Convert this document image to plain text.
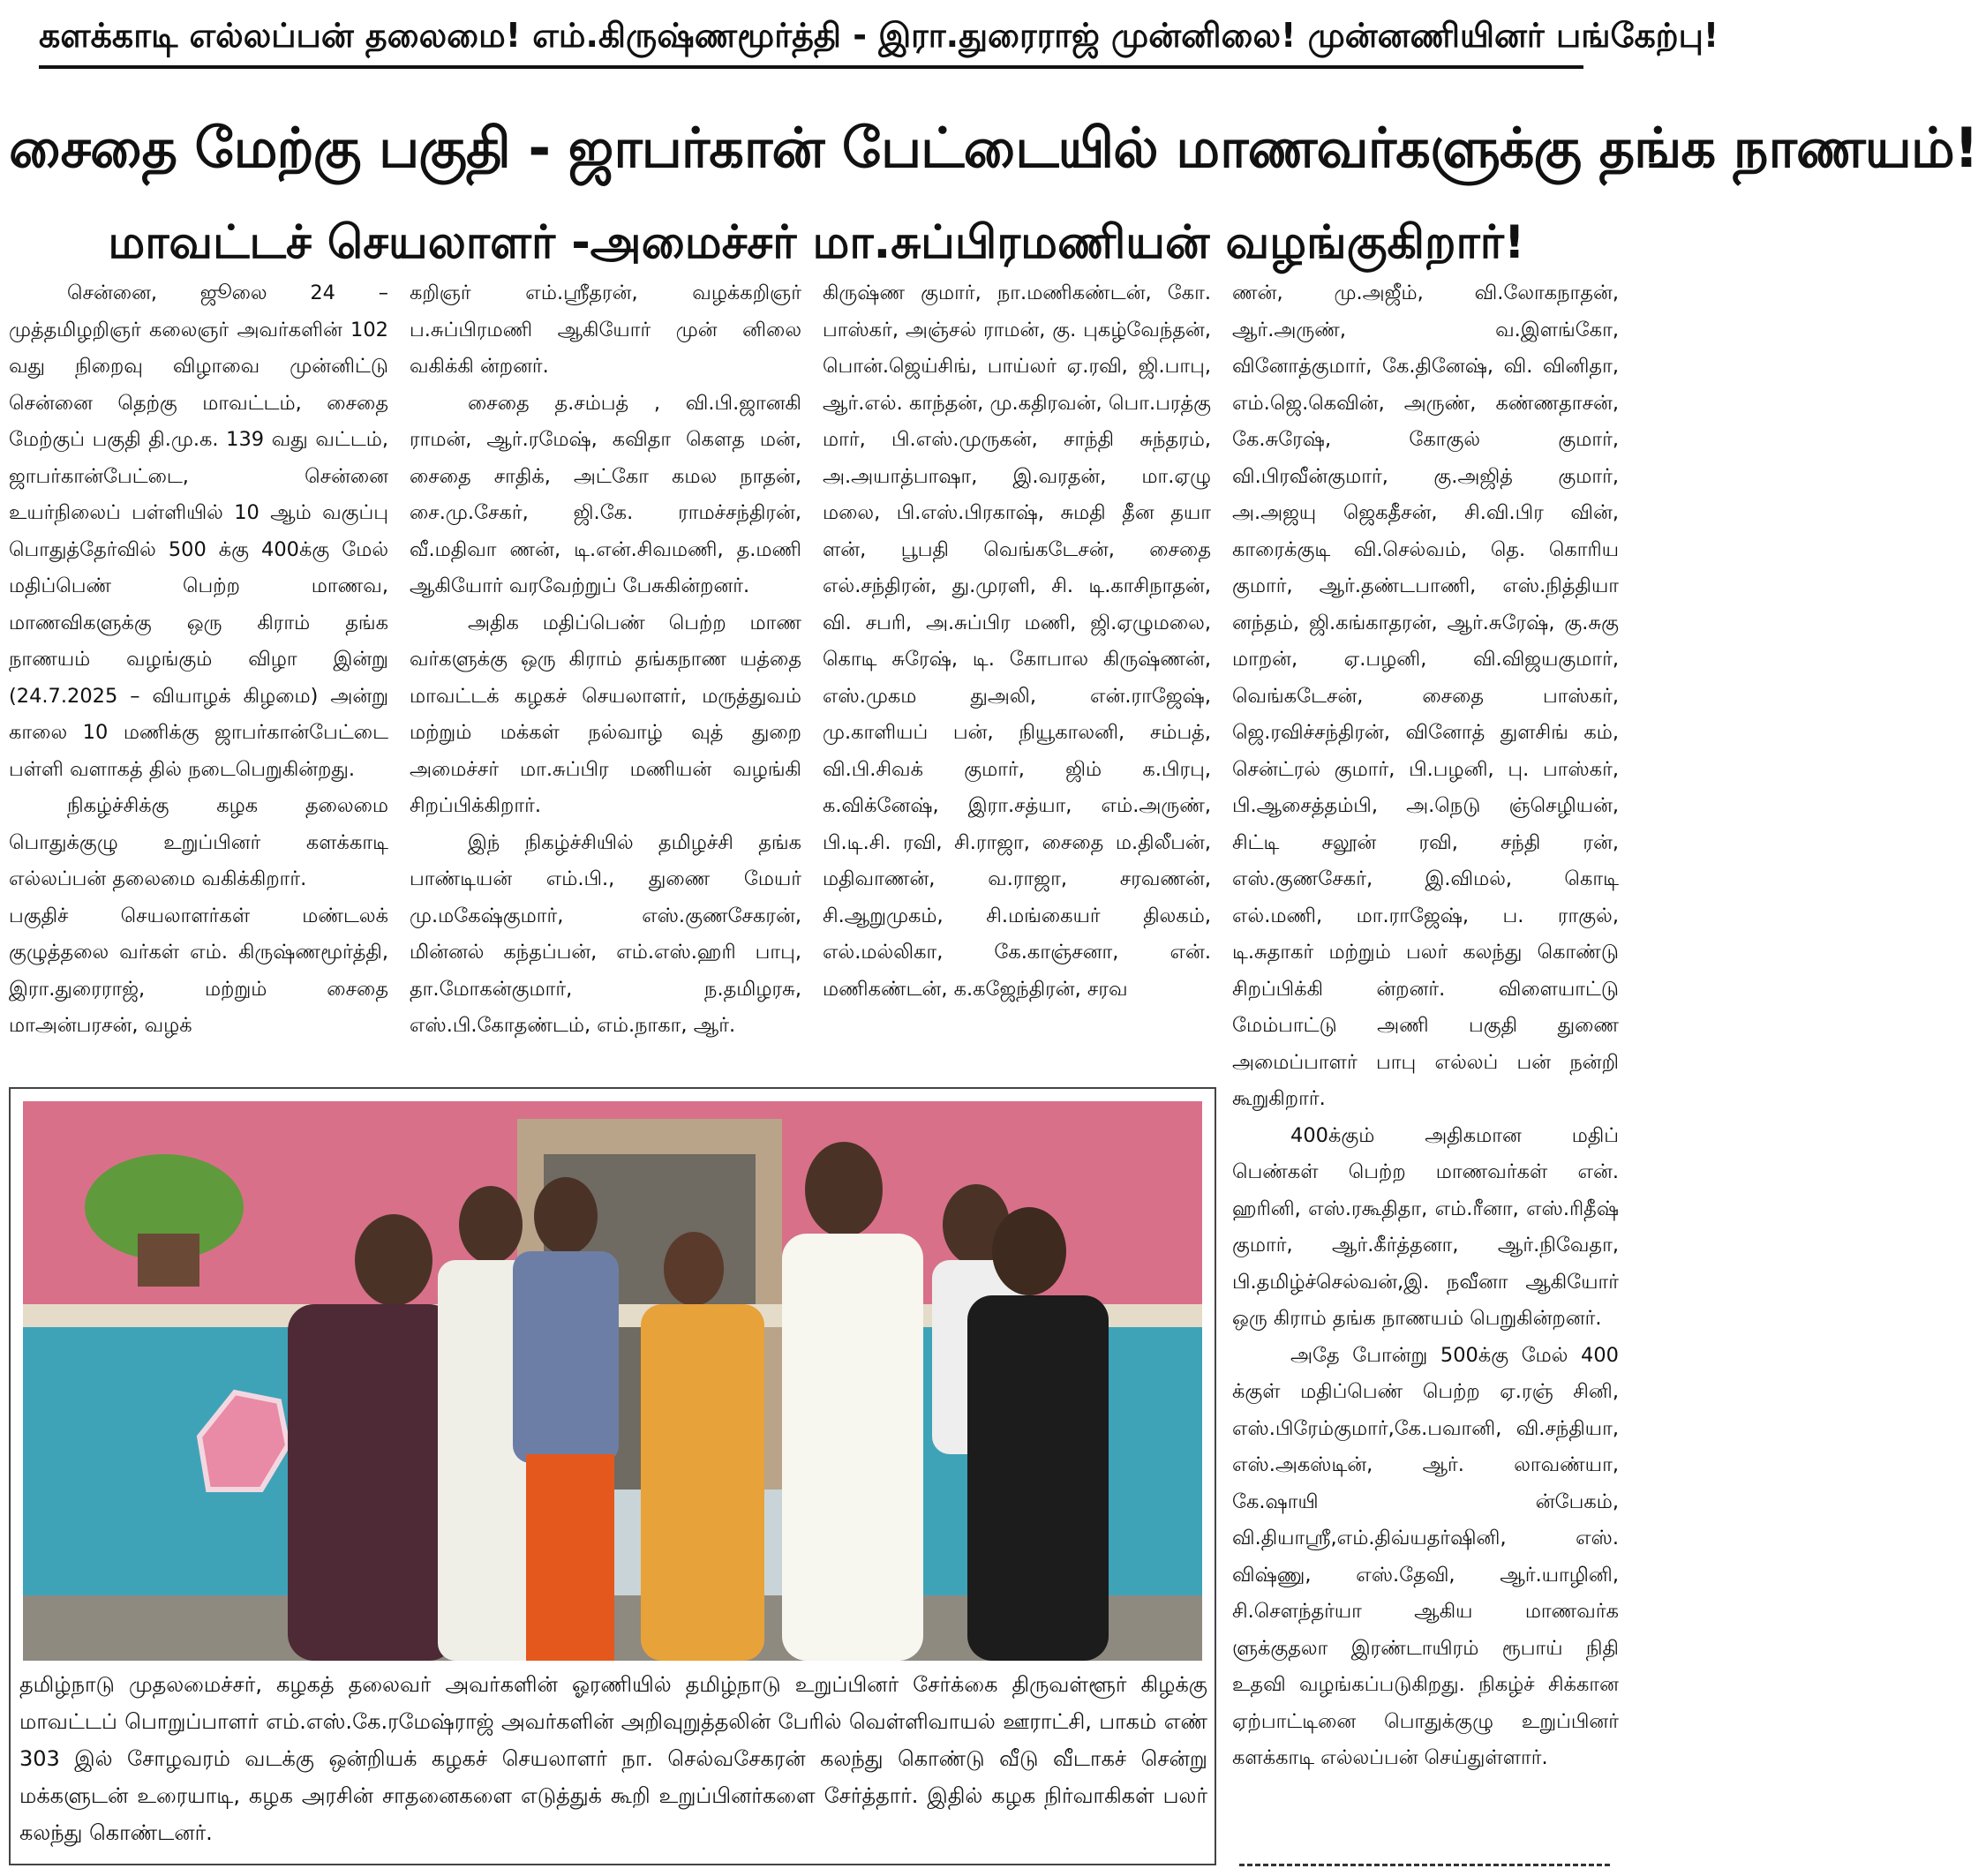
களக்காடி எல்லப்பன் தலைமை! எம்.கிருஷ்ணமூர்த்தி - இரா.துரைராஜ் முன்னிலை! முன்னணியினர் பங்கேற்பு!
சைதை மேற்கு பகுதி - ஜாபர்கான் பேட்டையில் மாணவர்களுக்கு தங்க நாணயம்!
மாவட்டச் செயலாளர் -அமைச்சர் மா.சுப்பிரமணியன் வழங்குகிறார்!

சென்னை, ஜூலை 24 – முத்தமிழறிஞர் கலைஞர் அவர்களின் 102 வது நிறைவு விழாவை முன்னிட்டு சென்னை தெற்கு மாவட்டம், சைதை மேற்குப் பகுதி தி.மு.க. 139 வது வட்டம், ஜாபர்கான்பேட்டை, சென்னை உயர்நிலைப் பள்ளியில் 10 ஆம் வகுப்பு பொதுத்தேர்வில் 500 க்கு 400க்கு மேல் மதிப்பெண் பெற்ற மாணவ, மாணவிகளுக்கு ஒரு கிராம் தங்க நாணயம் வழங்கும் விழா இன்று (24.7.2025 – வியாழக் கிழமை) அன்று காலை 10 மணிக்கு ஜாபர்கான்பேட்டை பள்ளி வளாகத் தில் நடைபெறுகின்றது.

நிகழ்ச்சிக்கு கழக தலைமை பொதுக்குழு உறுப்பினர் களக்காடி எல்லப்பன் தலைமை வகிக்கிறார்.

பகுதிச் செயலாளர்கள் மண்டலக் குழுத்தலை வர்கள் எம். கிருஷ்ணமூர்த்தி, இரா.துரைராஜ், மற்றும் சைதை மாஅன்பரசன், வழக்

கறிஞர் எம்.ஸ்ரீதரன், வழக்கறிஞர் ப.சுப்பிரமணி ஆகியோர் முன் னிலை வகிக்கி ன்றனர்.

சைதை த.சம்பத் , வி.பி.ஜானகி ராமன், ஆர்.ரமேஷ், கவிதா கௌத மன், சைதை சாதிக், அட்கோ கமல நாதன், சை.மு.சேகர், ஜி.கே. ராமச்சந்திரன், வீ.மதிவா ணன், டி.என்.சிவமணி, த.மணி ஆகியோர் வரவேற்றுப் பேசுகின்றனர்.

அதிக மதிப்பெண் பெற்ற மாண வர்களுக்கு ஒரு கிராம் தங்கநாண யத்தை மாவட்டக் கழகச் செயலாளர், மருத்துவம் மற்றும் மக்கள் நல்வாழ் வுத் துறை அமைச்சர் மா.சுப்பிர மணியன் வழங்கி சிறப்பிக்கிறார்.

இந் நிகழ்ச்சியில் தமிழச்சி தங்க பாண்டியன் எம்.பி., துணை மேயர் மு.மகேஷ்குமார், எஸ்.குணசேகரன், மின்னல் கந்தப்பன், எம்.எஸ்.ஹரி பாபு, தா.மோகன்குமார், ந.தமிழரசு, எஸ்.பி.கோதண்டம், எம்.நாகா, ஆர்.

கிருஷ்ண குமார், நா.மணிகண்டன், கோ. பாஸ்கர், அஞ்சல் ராமன், கு. புகழ்வேந்தன், பொன்.ஜெய்சிங், பாய்லர் ஏ.ரவி, ஜி.பாபு, ஆர்.எல். காந்தன், மு.கதிரவன், பொ.பரத்கு மார், பி.எஸ்.முருகன், சாந்தி சுந்தரம், அ.அயாத்பாஷா, இ.வரதன், மா.ஏழு மலை, பி.எஸ்.பிரகாஷ், சுமதி தீன தயா ளன், பூபதி வெங்கடேசன், சைதை எல்.சந்திரன், து.முரளி, சி. டி.காசிநாதன், வி. சபரி, அ.சுப்பிர மணி, ஜி.ஏழுமலை, கொடி சுரேஷ், டி. கோபால கிருஷ்ணன், எஸ்.முகம துஅலி, என்.ராஜேஷ், மு.காளியப் பன், நியூகாலனி, சம்பத், வி.பி.சிவக் குமார், ஜிம் க.பிரபு, க.விக்னேஷ், இரா.சத்யா, எம்.அருண், பி.டி.சி. ரவி, சி.ராஜா, சைதை ம.திலீபன், மதிவாணன், வ.ராஜா, சரவணன், சி.ஆறுமுகம், சி.மங்கையர் திலகம், எல்.மல்லிகா, கே.காஞ்சனா, என். மணிகண்டன், க.கஜேந்திரன், சரவ

ணன், மு.அஜீம், வி.லோகநாதன், ஆர்.அருண், வ.இளங்கோ, வினோத்குமார், கே.தினேஷ், வி. வினிதா, எம்.ஜெ.கெவின், அருண், கண்ணதாசன், கே.சுரேஷ், கோகுல் குமார், வி.பிரவீன்குமார், கு.அஜித் குமார், அ.அஜயு ஜெகதீசன், சி.வி.பிர வின், காரைக்குடி வி.செல்வம், தெ. கொரிய குமார், ஆர்.தண்டபாணி, எஸ்.நித்தியா னந்தம், ஜி.கங்காதரன், ஆர்.சுரேஷ், கு.சுகு மாறன், ஏ.பழனி, வி.விஜயகுமார், வெங்கடேசன், சைதை பாஸ்கர், ஜெ.ரவிச்சந்திரன், வினோத் துளசிங் கம், சென்ட்ரல் குமார், பி.பழனி, பு. பாஸ்கர், பி.ஆசைத்தம்பி, அ.நெடு ஞ்செழியன், சிட்டி சலூன் ரவி, சந்தி ரன், எஸ்.குணசேகர், இ.விமல், கொடி எல்.மணி, மா.ராஜேஷ், ப. ராகுல், டி.சுதாகர் மற்றும் பலர் கலந்து கொண்டு சிறப்பிக்கி ன்றனர். விளையாட்டு மேம்பாட்டு அணி பகுதி துணை அமைப்பாளர் பாபு எல்லப் பன் நன்றி கூறுகிறார்.

400க்கும் அதிகமான மதிப் பெண்கள் பெற்ற மாணவர்கள் என். ஹரினி, எஸ்.ரகூதிதா, எம்.ரீனா, எஸ்.ரிதீஷ் குமார், ஆர்.கீர்த்தனா, ஆர்.நிவேதா, பி.தமிழ்ச்செல்வன்,இ. நவீனா ஆகியோர் ஒரு கிராம் தங்க நாணயம் பெறுகின்றனர்.

அதே போன்று 500க்கு மேல் 400 க்குள் மதிப்பெண் பெற்ற ஏ.ரஞ் சினி, எஸ்.பிரேம்குமார்,கே.பவானி, வி.சந்தியா, எஸ்.அகஸ்டின், ஆர். லாவண்யா, கே.ஷாயி ன்பேகம், வி.தியாஸ்ரீ,எம்.திவ்யதர்ஷினி, எஸ். விஷ்ணு, எஸ்.தேவி, ஆர்.யாழினி, சி.சௌந்தர்யா ஆகிய மாணவர்க ளுக்குதலா இரண்டாயிரம் ரூபாய் நிதி உதவி வழங்கப்படுகிறது. நிகழ்ச் சிக்கான ஏற்பாட்டினை பொதுக்குழு உறுப்பினர் களக்காடி எல்லப்பன் செய்துள்ளார்.

தமிழ்நாடு முதலமைச்சர், கழகத் தலைவர் அவர்களின் ஓரணியில் தமிழ்நாடு உறுப்பினர் சேர்க்கை திருவள்ளூர் கிழக்கு மாவட்டப் பொறுப்பாளர் எம்.எஸ்.கே.ரமேஷ்ராஜ் அவர்களின் அறிவுறுத்தலின் பேரில் வெள்ளிவாயல் ஊராட்சி, பாகம் எண் 303 இல் சோழவரம் வடக்கு ஒன்றியக் கழகச் செயலாளர் நா. செல்வசேகரன் கலந்து கொண்டு வீடு வீடாகச் சென்று மக்களுடன் உரையாடி, கழக அரசின் சாதனைகளை எடுத்துக் கூறி உறுப்பினர்களை சேர்த்தார். இதில் கழக நிர்வாகிகள் பலர் கலந்து கொண்டனர்.
